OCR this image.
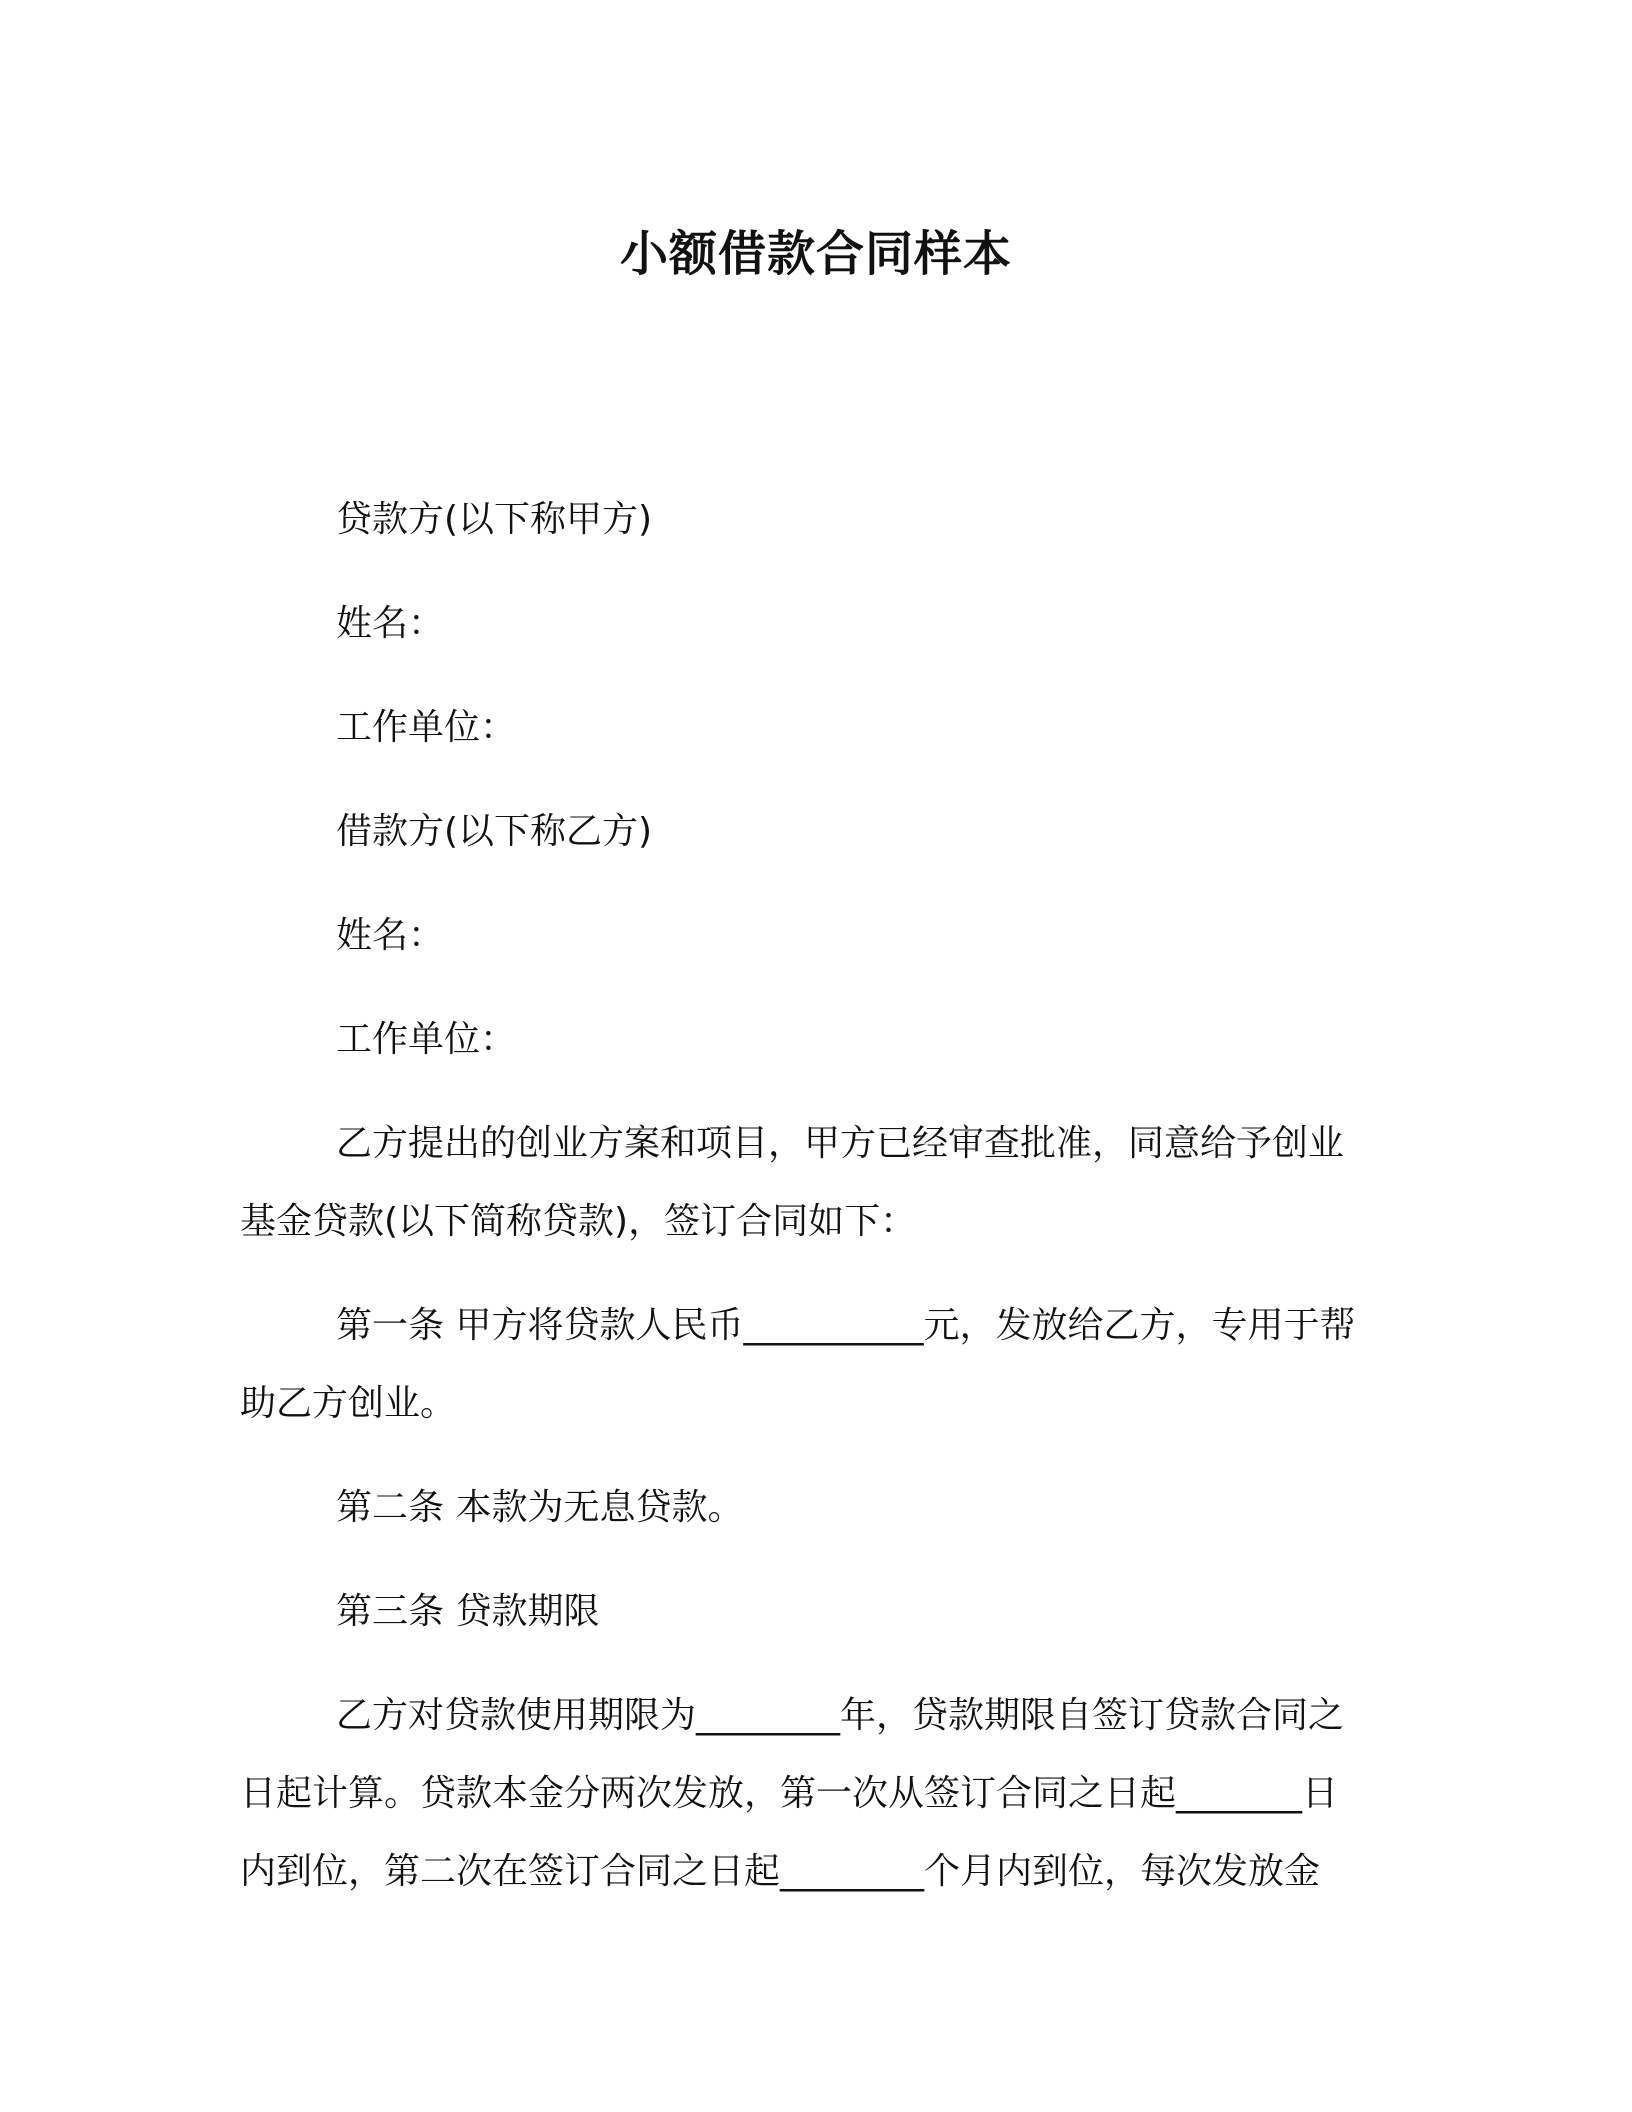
小额借款合同样本
贷款方(以下称甲方)
姓名：
工作单位：
借款方(以下称乙方)
姓名：
工作单位：
乙方提出的创业方案和项目，甲方已经审查批准，同意给予创业
基金贷款(以下简称贷款)，签订合同如下：
第一条 甲方将贷款人民币__________元，发放给乙方，专用于帮
助乙方创业。
第二条 本款为无息贷款。
第三条 贷款期限
乙方对贷款使用期限为________年，贷款期限自签订贷款合同之
日起计算。贷款本金分两次发放，第一次从签订合同之日起_______日
内到位，第二次在签订合同之日起________个月内到位，每次发放金
